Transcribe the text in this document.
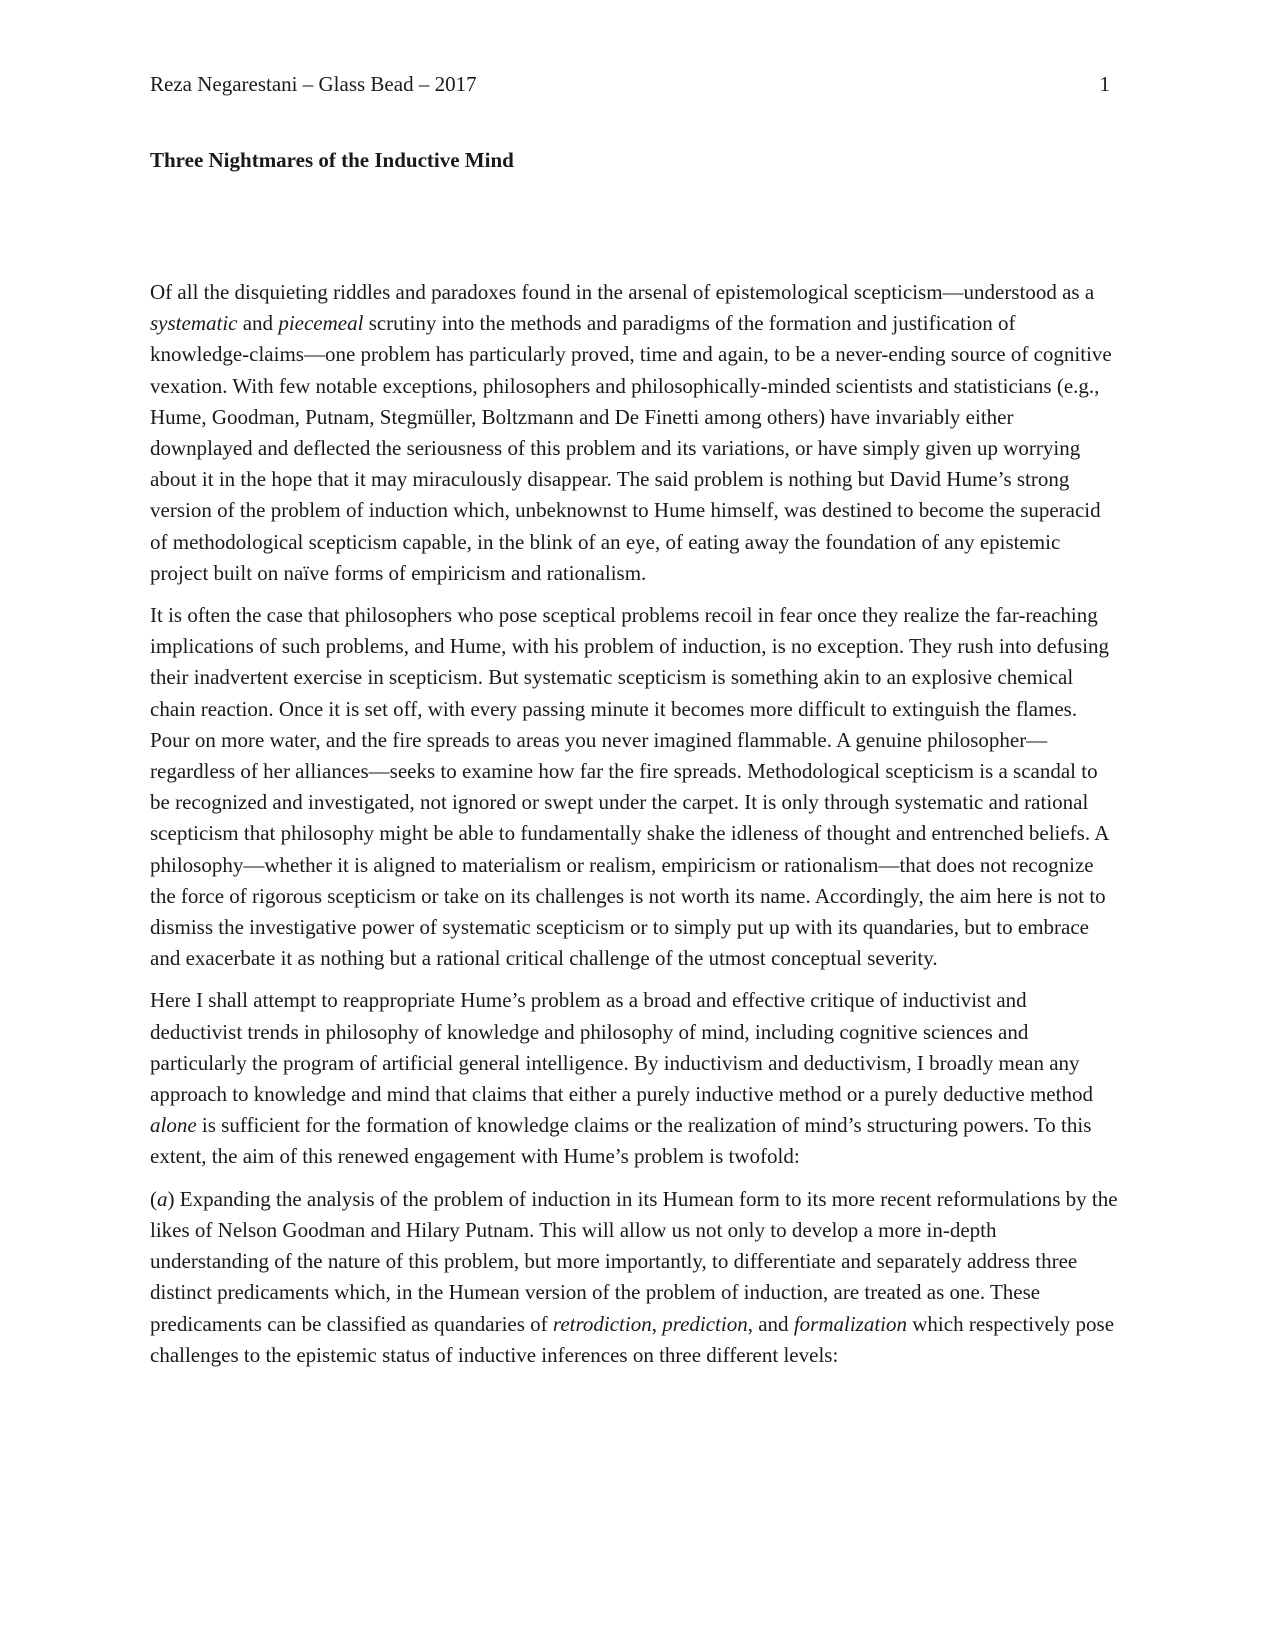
Reza Negarestani – Glass Bead – 2017	1
Three Nightmares of the Inductive Mind

Of all the disquieting riddles and paradoxes found in the arsenal of epistemological scepticism—understood as a systematic and piecemeal scrutiny into the methods and paradigms of the formation and justification of knowledge-claims—one problem has particularly proved, time and again, to be a never-ending source of cognitive vexation. With few notable exceptions, philosophers and philosophically-minded scientists and statisticians (e.g., Hume, Goodman, Putnam, Stegmüller, Boltzmann and De Finetti among others) have invariably either downplayed and deflected the seriousness of this problem and its variations, or have simply given up worrying about it in the hope that it may miraculously disappear. The said problem is nothing but David Hume’s strong version of the problem of induction which, unbeknownst to Hume himself, was destined to become the superacid of methodological scepticism capable, in the blink of an eye, of eating away the foundation of any epistemic project built on naïve forms of empiricism and rationalism.

It is often the case that philosophers who pose sceptical problems recoil in fear once they realize the far-reaching implications of such problems, and Hume, with his problem of induction, is no exception. They rush into defusing their inadvertent exercise in scepticism. But systematic scepticism is something akin to an explosive chemical chain reaction. Once it is set off, with every passing minute it becomes more difficult to extinguish the flames. Pour on more water, and the fire spreads to areas you never imagined flammable. A genuine philosopher—regardless of her alliances—seeks to examine how far the fire spreads. Methodological scepticism is a scandal to be recognized and investigated, not ignored or swept under the carpet. It is only through systematic and rational scepticism that philosophy might be able to fundamentally shake the idleness of thought and entrenched beliefs. A philosophy—whether it is aligned to materialism or realism, empiricism or rationalism—that does not recognize the force of rigorous scepticism or take on its challenges is not worth its name. Accordingly, the aim here is not to dismiss the investigative power of systematic scepticism or to simply put up with its quandaries, but to embrace and exacerbate it as nothing but a rational critical challenge of the utmost conceptual severity.

Here I shall attempt to reappropriate Hume’s problem as a broad and effective critique of inductivist and deductivist trends in philosophy of knowledge and philosophy of mind, including cognitive sciences and particularly the program of artificial general intelligence. By inductivism and deductivism, I broadly mean any approach to knowledge and mind that claims that either a purely inductive method or a purely deductive method alone is sufficient for the formation of knowledge claims or the realization of mind’s structuring powers. To this extent, the aim of this renewed engagement with Hume’s problem is twofold:

(a) Expanding the analysis of the problem of induction in its Humean form to its more recent reformulations by the likes of Nelson Goodman and Hilary Putnam. This will allow us not only to develop a more in-depth understanding of the nature of this problem, but more importantly, to differentiate and separately address three distinct predicaments which, in the Humean version of the problem of induction, are treated as one. These predicaments can be classified as quandaries of retrodiction, prediction, and formalization which respectively pose challenges to the epistemic status of inductive inferences on three different levels:
